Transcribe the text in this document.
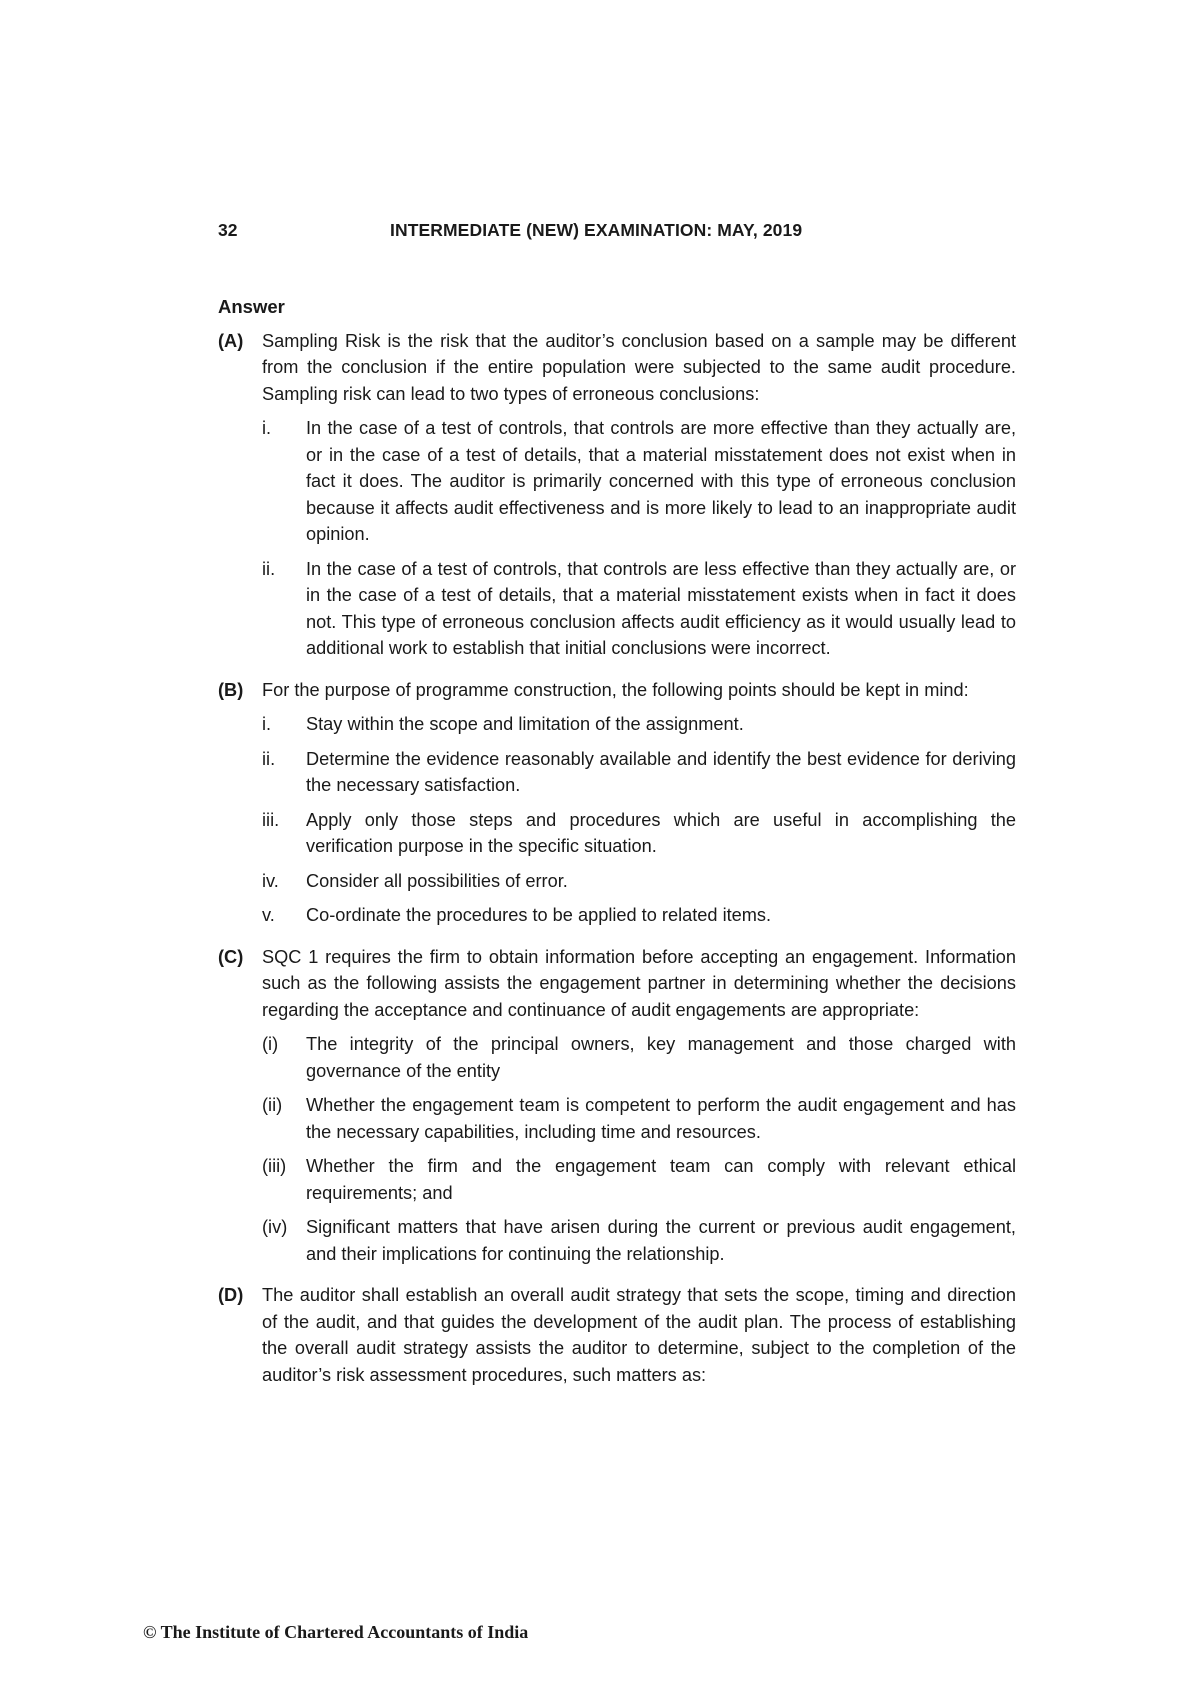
32	INTERMEDIATE (NEW) EXAMINATION: MAY, 2019
Answer
(A)	Sampling Risk is the risk that the auditor’s conclusion based on a sample may be different from the conclusion if the entire population were subjected to the same audit procedure. Sampling risk can lead to two types of erroneous conclusions:

i.	In the case of a test of controls, that controls are more effective than they actually are, or in the case of a test of details, that a material misstatement does not exist when in fact it does. The auditor is primarily concerned with this type of erroneous conclusion because it affects audit effectiveness and is more likely to lead to an inappropriate audit opinion.
ii.	In the case of a test of controls, that controls are less effective than they actually are, or in the case of a test of details, that a material misstatement exists when in fact it does not. This type of erroneous conclusion affects audit efficiency as it would usually lead to additional work to establish that initial conclusions were incorrect.
(B)	For the purpose of programme construction, the following points should be kept in mind:

i.	Stay within the scope and limitation of the assignment.
ii.	Determine the evidence reasonably available and identify the best evidence for deriving the necessary satisfaction.
iii.	Apply only those steps and procedures which are useful in accomplishing the verification purpose in the specific situation.
iv.	Consider all possibilities of error.
v.	Co-ordinate the procedures to be applied to related items.
(C)	SQC 1 requires the firm to obtain information before accepting an engagement. Information such as the following assists the engagement partner in determining whether the decisions regarding the acceptance and continuance of audit engagements are appropriate:

(i)	The integrity of the principal owners, key management and those charged with governance of the entity
(ii)	Whether the engagement team is competent to perform the audit engagement and has the necessary capabilities, including time and resources.
(iii)	Whether the firm and the engagement team can comply with relevant ethical requirements; and
(iv)	Significant matters that have arisen during the current or previous audit engagement, and their implications for continuing the relationship.
(D)	The auditor shall establish an overall audit strategy that sets the scope, timing and direction of the audit, and that guides the development of the audit plan. The process of establishing the overall audit strategy assists the auditor to determine, subject to the completion of the auditor’s risk assessment procedures, such matters as:

© The Institute of Chartered Accountants of India
